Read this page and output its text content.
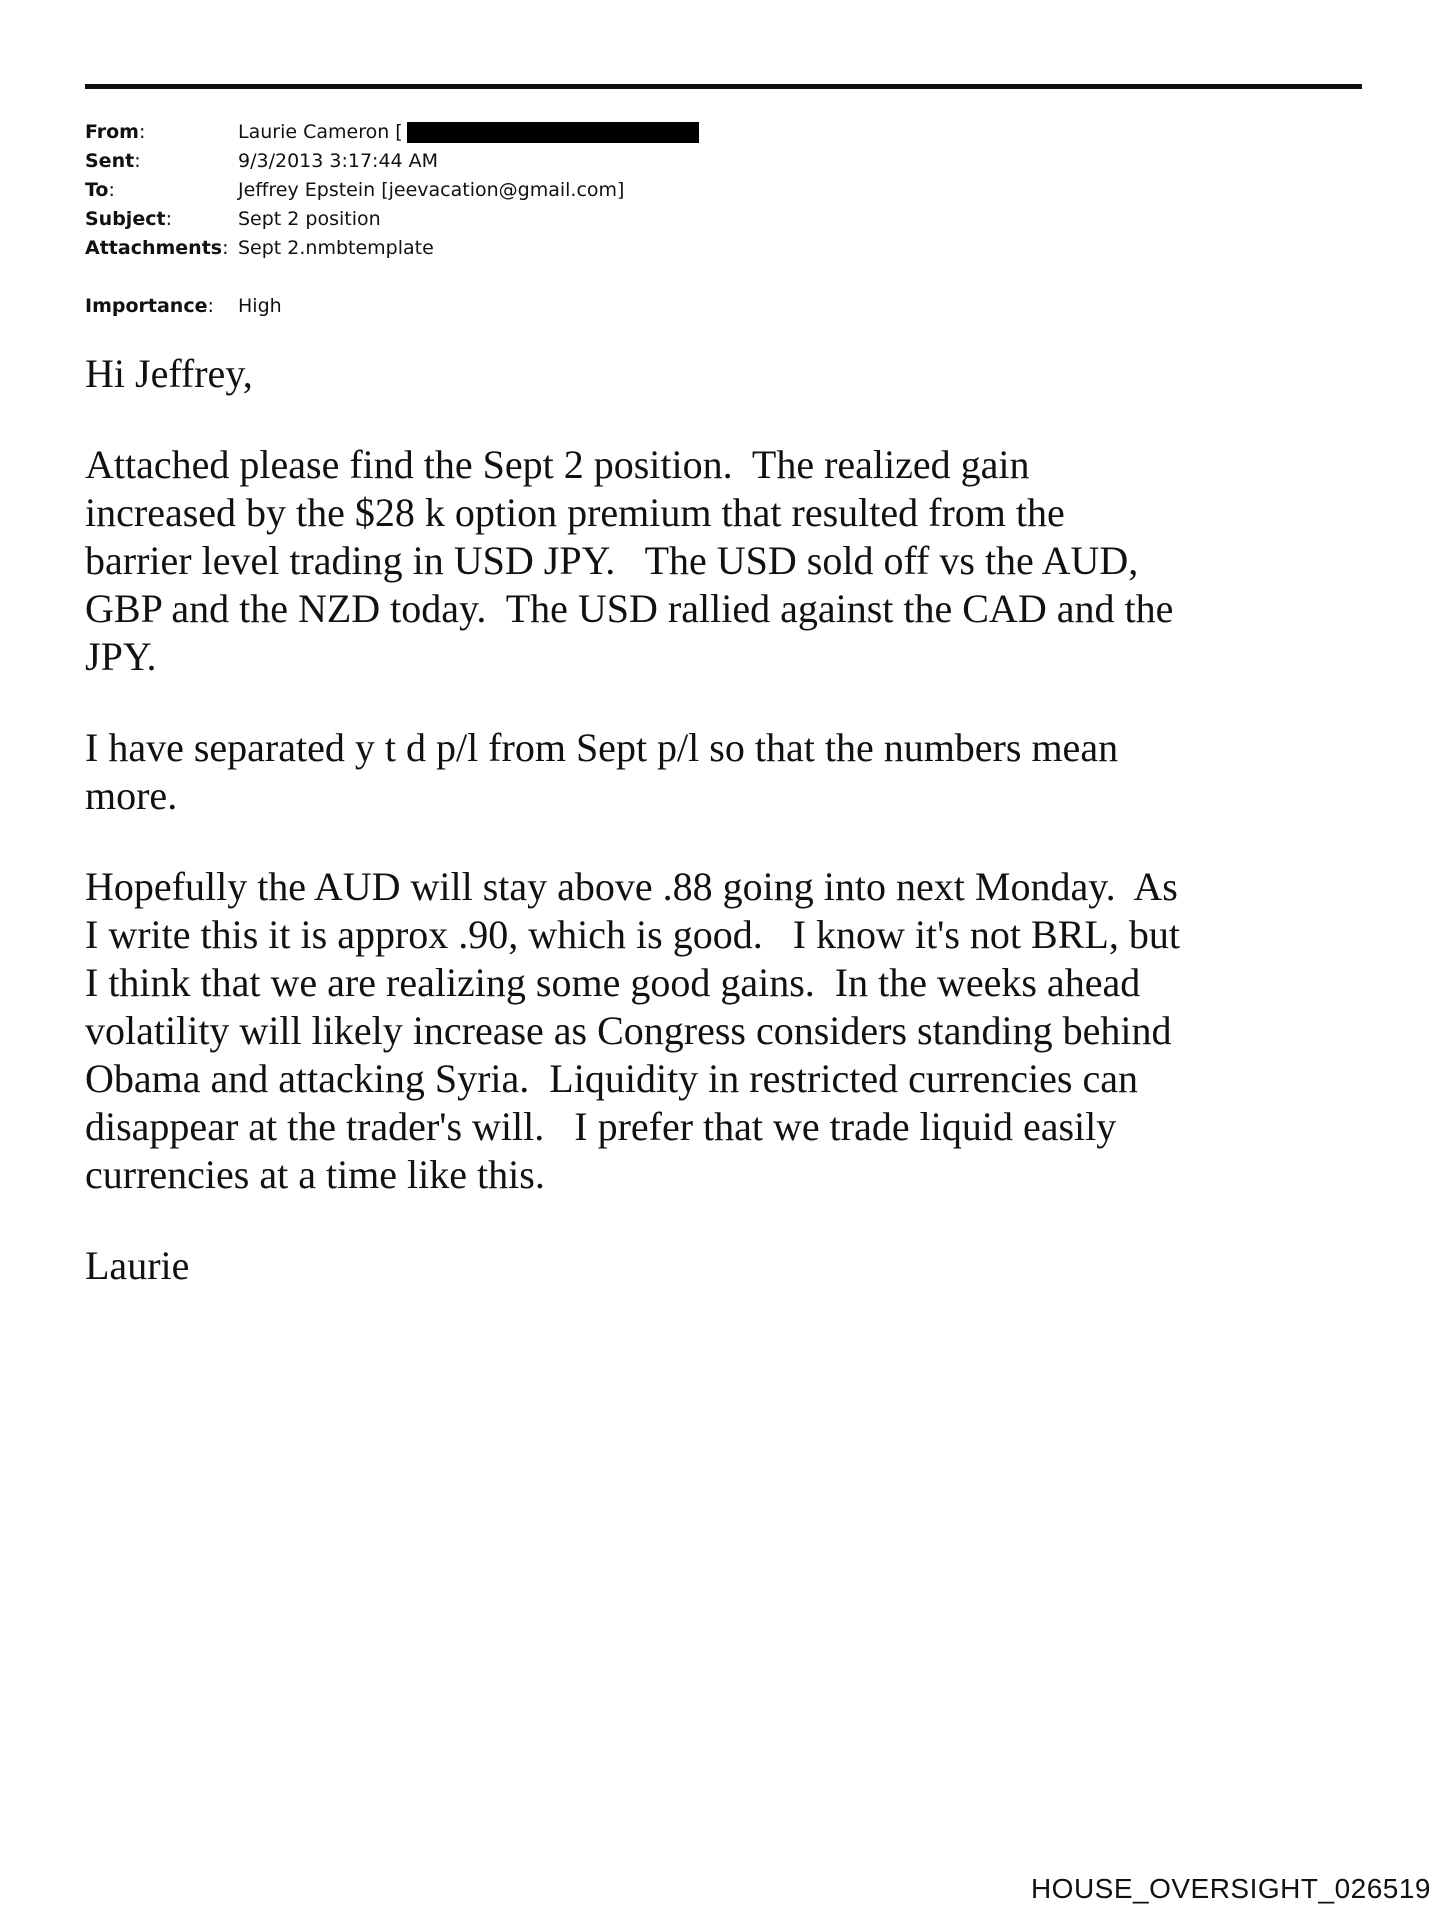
From:	Laurie Cameron [
Sent:	9/3/2013 3:17:44 AM
To:	Jeffrey Epstein [jeevacation@gmail.com]
Subject:	Sept 2 position
Attachments: Sept 2.nmbtemplate
Importance:	High

Hi Jeffrey,

Attached please find the Sept 2 position.  The realized gain
increased by the $28 k option premium that resulted from the
barrier level trading in USD JPY.   The USD sold off vs the AUD,
GBP and the NZD today.  The USD rallied against the CAD and the
JPY.

I have separated y t d p/l from Sept p/l so that the numbers mean
more.

Hopefully the AUD will stay above .88 going into next Monday.  As
I write this it is approx .90, which is good.   I know it's not BRL, but
I think that we are realizing some good gains.  In the weeks ahead
volatility will likely increase as Congress considers standing behind
Obama and attacking Syria.  Liquidity in restricted currencies can
disappear at the trader's will.   I prefer that we trade liquid easily
currencies at a time like this.

Laurie

HOUSE_OVERSIGHT_026519
